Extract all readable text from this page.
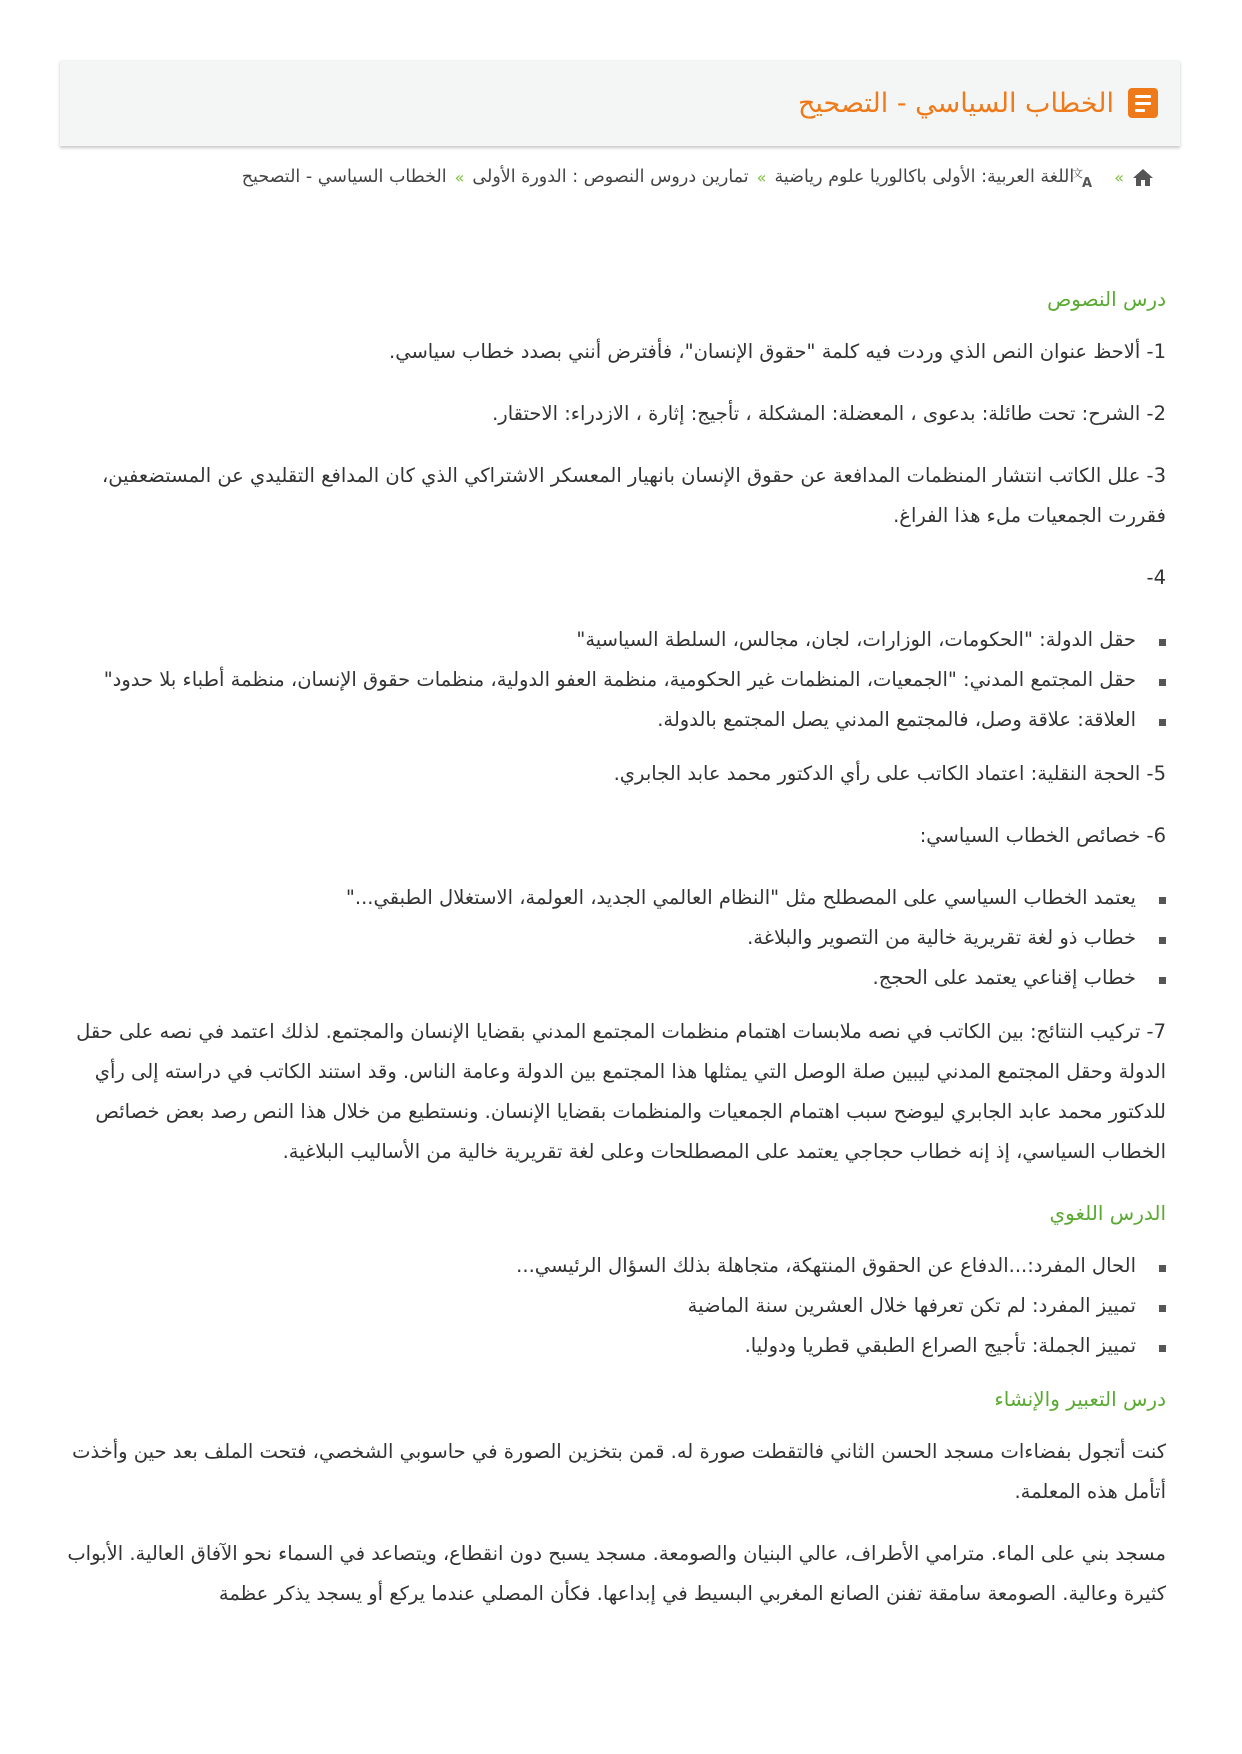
الخطاب السياسي - التصحيح
»
文
A
اللغة العربية: الأولى باكالوريا علوم رياضية
»
تمارين دروس النصوص : الدورة الأولى
»
الخطاب السياسي - التصحيح
درس النصوص

1- ألاحظ عنوان النص الذي وردت فيه كلمة "حقوق الإنسان"، فأفترض أنني بصدد خطاب سياسي.

2- الشرح: تحت طائلة: بدعوى ، المعضلة: المشكلة ، تأجيج: إثارة ، الازدراء: الاحتقار.

3- علل الكاتب انتشار المنظمات المدافعة عن حقوق الإنسان بانهيار المعسكر الاشتراكي الذي كان المدافع التقليدي عن المستضعفين، فقررت الجمعيات ملء هذا الفراغ.

4-

حقل الدولة: "الحكومات، الوزارات، لجان، مجالس، السلطة السياسية"
حقل المجتمع المدني: "الجمعيات، المنظمات غير الحكومية، منظمة العفو الدولية، منظمات حقوق الإنسان، منظمة أطباء بلا حدود"
العلاقة: علاقة وصل، فالمجتمع المدني يصل المجتمع بالدولة.

5- الحجة النقلية: اعتماد الكاتب على رأي الدكتور محمد عابد الجابري.

6- خصائص الخطاب السياسي:

يعتمد الخطاب السياسي على المصطلح مثل "النظام العالمي الجديد، العولمة، الاستغلال الطبقي..."
خطاب ذو لغة تقريرية خالية من التصوير والبلاغة.
خطاب إقناعي يعتمد على الحجج.

7- تركيب النتائج: بين الكاتب في نصه ملابسات اهتمام منظمات المجتمع المدني بقضايا الإنسان والمجتمع. لذلك اعتمد في نصه على حقل الدولة وحقل المجتمع المدني ليبين صلة الوصل التي يمثلها هذا المجتمع بين الدولة وعامة الناس. وقد استند الكاتب في دراسته إلى رأي للدكتور محمد عابد الجابري ليوضح سبب اهتمام الجمعيات والمنظمات بقضايا الإنسان. ونستطيع من خلال هذا النص رصد بعض خصائص الخطاب السياسي، إذ إنه خطاب حجاجي يعتمد على المصطلحات وعلى لغة تقريرية خالية من الأساليب البلاغية.

الدرس اللغوي
الحال المفرد:...الدفاع عن الحقوق المنتهكة، متجاهلة بذلك السؤال الرئيسي...
تمييز المفرد: لم تكن تعرفها خلال العشرين سنة الماضية
تمييز الجملة: تأجيج الصراع الطبقي قطريا ودوليا.
درس التعبير والإنشاء

كنت أتجول بفضاءات مسجد الحسن الثاني فالتقطت صورة له. قمن بتخزين الصورة في حاسوبي الشخصي، فتحت الملف بعد حين وأخذت أتأمل هذه المعلمة.

مسجد بني على الماء. مترامي الأطراف، عالي البنيان والصومعة. مسجد يسبح دون انقطاع، ويتصاعد في السماء نحو الآفاق العالية. الأبواب كثيرة وعالية. الصومعة سامقة تفنن الصانع المغربي البسيط في إبداعها. فكأن المصلي عندما يركع أو يسجد يذكر عظمة
